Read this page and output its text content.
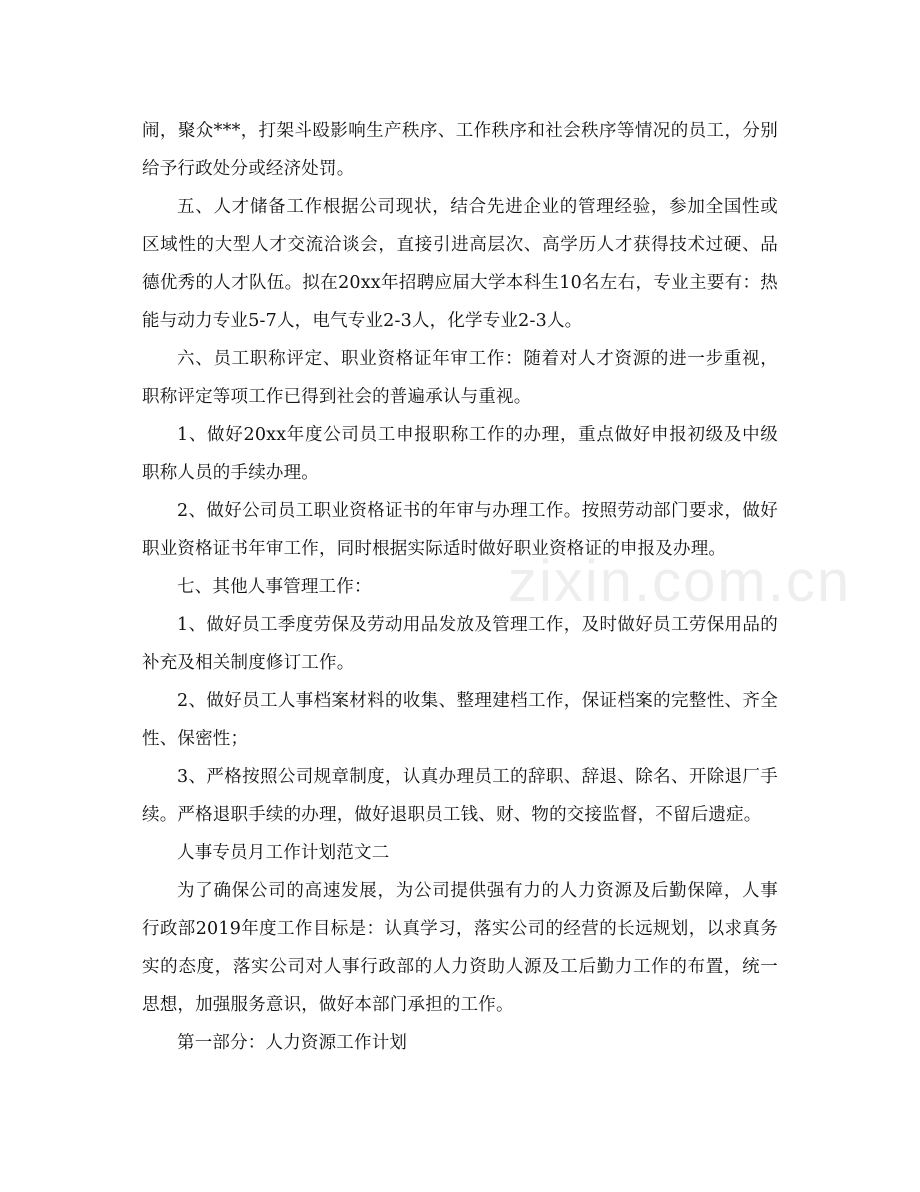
闹，聚众***，打架斗殴影响生产秩序、工作秩序和社会秩序等情况的员工，分别给予行政处分或经济处罚。

五、人才储备工作根据公司现状，结合先进企业的管理经验，参加全国性或区域性的大型人才交流洽谈会，直接引进高层次、高学历人才获得技术过硬、品德优秀的人才队伍。拟在20xx年招聘应届大学本科生10名左右，专业主要有：热能与动力专业5-7人，电气专业2-3人，化学专业2-3人。

六、员工职称评定、职业资格证年审工作：随着对人才资源的进一步重视，职称评定等项工作已得到社会的普遍承认与重视。

1、做好20xx年度公司员工申报职称工作的办理，重点做好申报初级及中级职称人员的手续办理。

2、做好公司员工职业资格证书的年审与办理工作。按照劳动部门要求，做好职业资格证书年审工作，同时根据实际适时做好职业资格证的申报及办理。

七、其他人事管理工作：

1、做好员工季度劳保及劳动用品发放及管理工作，及时做好员工劳保用品的补充及相关制度修订工作。

2、做好员工人事档案材料的收集、整理建档工作，保证档案的完整性、齐全性、保密性；

3、严格按照公司规章制度，认真办理员工的辞职、辞退、除名、开除退厂手续。严格退职手续的办理，做好退职员工钱、财、物的交接监督，不留后遗症。

人事专员月工作计划范文二

为了确保公司的高速发展，为公司提供强有力的人力资源及后勤保障，人事行政部2019年度工作目标是：认真学习，落实公司的经营的长远规划，以求真务实的态度，落实公司对人事行政部的人力资助人源及工后勤力工作的布置，统一思想，加强服务意识，做好本部门承担的工作。

第一部分：人力资源工作计划

zixin.com.cn
